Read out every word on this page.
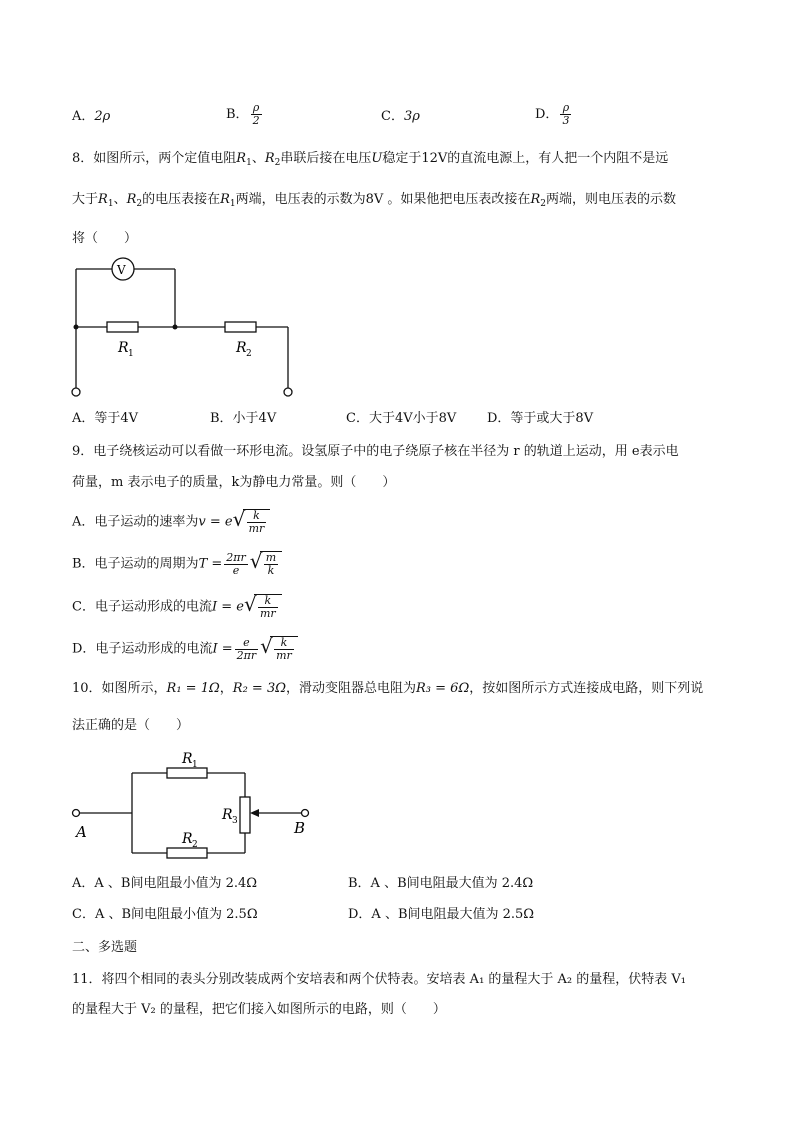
A．2ρ	B． $\frac{\rho}{2}$	C．3ρ	D． $\frac{\rho}{3}$
8．如图所示，两个定值电阻$R_1$、$R_2$串联后接在电压U稳定于12V的直流电源上，有人把一个内阻不是远
大于$R_1$、$R_2$的电压表接在$R_1$两端，电压表的示数为8V 。如果他把电压表改接在$R_2$两端，则电压表的示数
将（　　）
V
R 1	R 2
A．等于4V	B．小于4V	C．大于4V小于8V D．等于或大于8V
9．电子绕核运动可以看做一环形电流。设氢原子中的电子绕原子核在半径为 r 的轨道上运动，用 e表示电
荷量，m 表示电子的质量，k为静电力常量。则（　　）
A．电子运动的速率为v = e √ $\frac{k}{mr}$
B．电子运动的周期为$T = \frac{2\pi r}{e}$ √ $\frac{m}{k}$
C．电子运动形成的电流I = e √ $\frac{k}{mr}$
D．电子运动形成的电流$I = \frac{e}{2\pi r}$ √ $\frac{k}{mr}$
10．如图所示，R₁ = 1Ω，R₂ = 3Ω，滑动变阻器总电阻为R₃ = 6Ω，按如图所示方式连接成电路，则下列说
法正确的是（　　）
R 1
R 2
R 3
A	B
A．A 、B间电阻最小值为 2.4Ω	B．A 、B间电阻最大值为 2.4Ω
C．A 、B间电阻最小值为 2.5Ω	D．A 、B间电阻最大值为 2.5Ω
二、多选题
11．将四个相同的表头分别改装成两个安培表和两个伏特表。安培表 A₁ 的量程大于 A₂ 的量程，伏特表 V₁
的量程大于 V₂ 的量程，把它们接入如图所示的电路，则（　　）
